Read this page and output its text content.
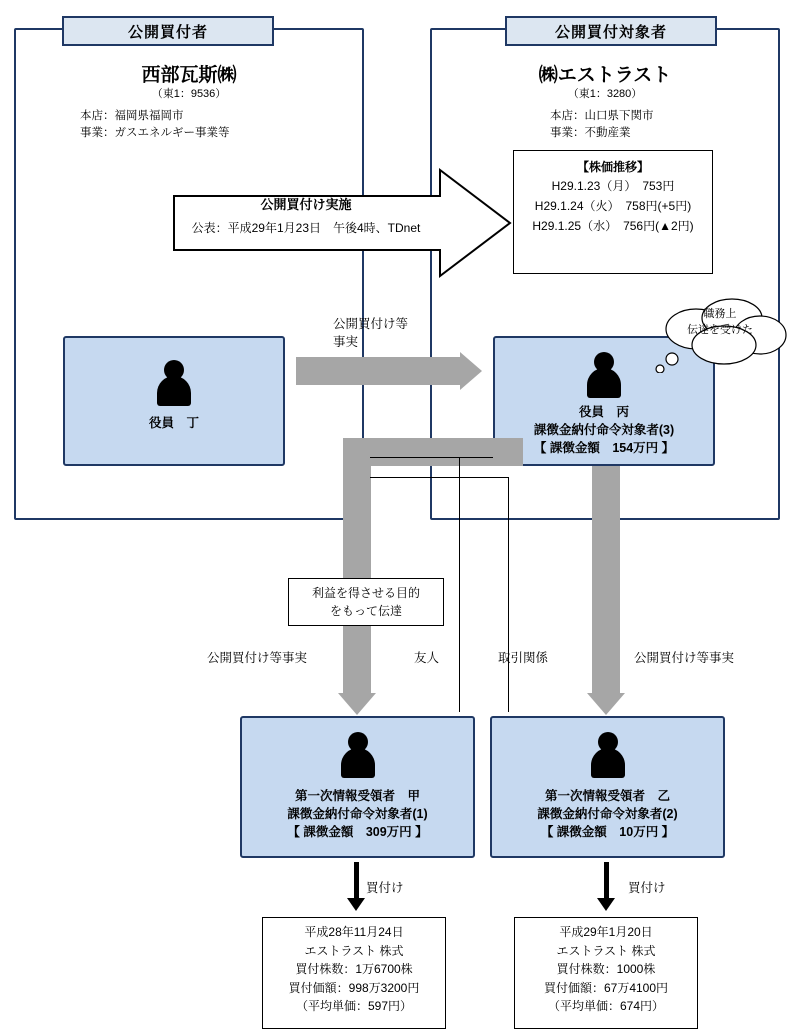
公開買付者
西部瓦斯㈱
（東1：9536）
本店：福岡県福岡市
事業：ガスエネルギー事業等
公開買付対象者
㈱エストラスト
（東1：3280）
本店：山口県下関市
事業：不動産業
【株価推移】
H29.1.23（月）　753円
H29.1.24（火）　758円(+5円)
H29.1.25（水）　756円(▲2円)
公開買付け実施
公表：平成29年1月23日　午後4時、TDnet
公開買付け等
事実
役員　丁
役員　丙
課徴金納付命令対象者(3)
【 課徴金額　154万円 】
職務上
伝達を受けた
利益を得させる目的
をもって伝達
公開買付け等事実	友人	取引関係	公開買付け等事実
第一次情報受領者　甲
課徴金納付命令対象者(1)
【 課徴金額　309万円 】
第一次情報受領者　乙
課徴金納付命令対象者(2)
【 課徴金額　10万円 】
買付け	買付け
平成28年11月24日
エストラスト 株式
買付株数：1万6700株
買付価額：998万3200円
（平均単価：597円）
平成29年1月20日
エストラスト 株式
買付株数：1000株
買付価額：67万4100円
（平均単価：674円）
